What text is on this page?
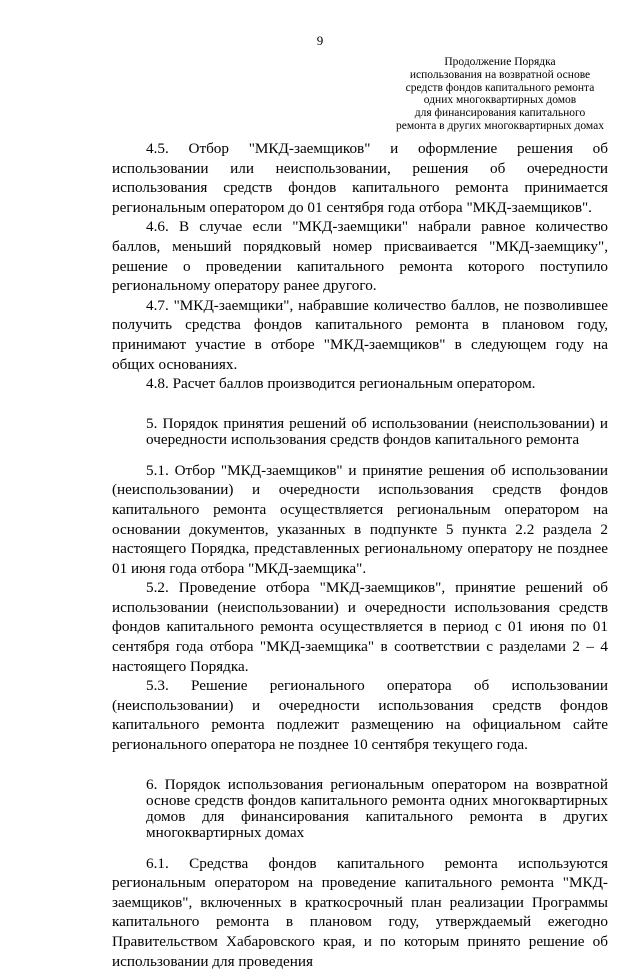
9
Продолжение Порядка
использования на возвратной основе
средств фондов капитального ремонта
одних многоквартирных домов
для финансирования капитального
ремонта в других многоквартирных домах

4.5. Отбор "МКД-заемщиков" и оформление решения об использовании или неиспользовании, решения об очередности использования средств фондов капитального ремонта принимается региональным оператором до 01 сентября года отбора "МКД-заемщиков".

4.6. В случае если "МКД-заемщики" набрали равное количество баллов, меньший порядковый номер присваивается "МКД-заемщику", решение о проведении капитального ремонта которого поступило региональному оператору ранее другого.

4.7. "МКД-заемщики", набравшие количество баллов, не позволившее получить средства фондов капитального ремонта в плановом году, принимают участие в отборе "МКД-заемщиков" в следующем году на общих основаниях.

4.8. Расчет баллов производится региональным оператором.

5. Порядок принятия решений об использовании (неиспользовании) и очередности использования средств фондов капитального ремонта

5.1. Отбор "МКД-заемщиков" и принятие решения об использовании (неиспользовании) и очередности использования средств фондов капитального ремонта осуществляется региональным оператором на основании документов, указанных в подпункте 5 пункта 2.2 раздела 2 настоящего Порядка, представленных региональному оператору не позднее 01 июня года отбора "МКД-заемщика".

5.2. Проведение отбора "МКД-заемщиков", принятие решений об использовании (неиспользовании) и очередности использования средств фондов капитального ремонта осуществляется в период с 01 июня по 01 сентября года отбора "МКД-заемщика" в соответствии с разделами 2 – 4 настоящего Порядка.

5.3. Решение регионального оператора об использовании (неиспользовании) и очередности использования средств фондов капитального ремонта подлежит размещению на официальном сайте регионального оператора не позднее 10 сентября текущего года.

6. Порядок использования региональным оператором на возвратной основе средств фондов капитального ремонта одних многоквартирных домов для финансирования капитального ремонта в других многоквартирных домах

6.1. Средства фондов капитального ремонта используются региональным оператором на проведение капитального ремонта "МКД-заемщиков", включенных в краткосрочный план реализации Программы капитального ремонта в плановом году, утверждаемый ежегодно Правительством Хабаровского края, и по которым принято решение об использовании для проведения
